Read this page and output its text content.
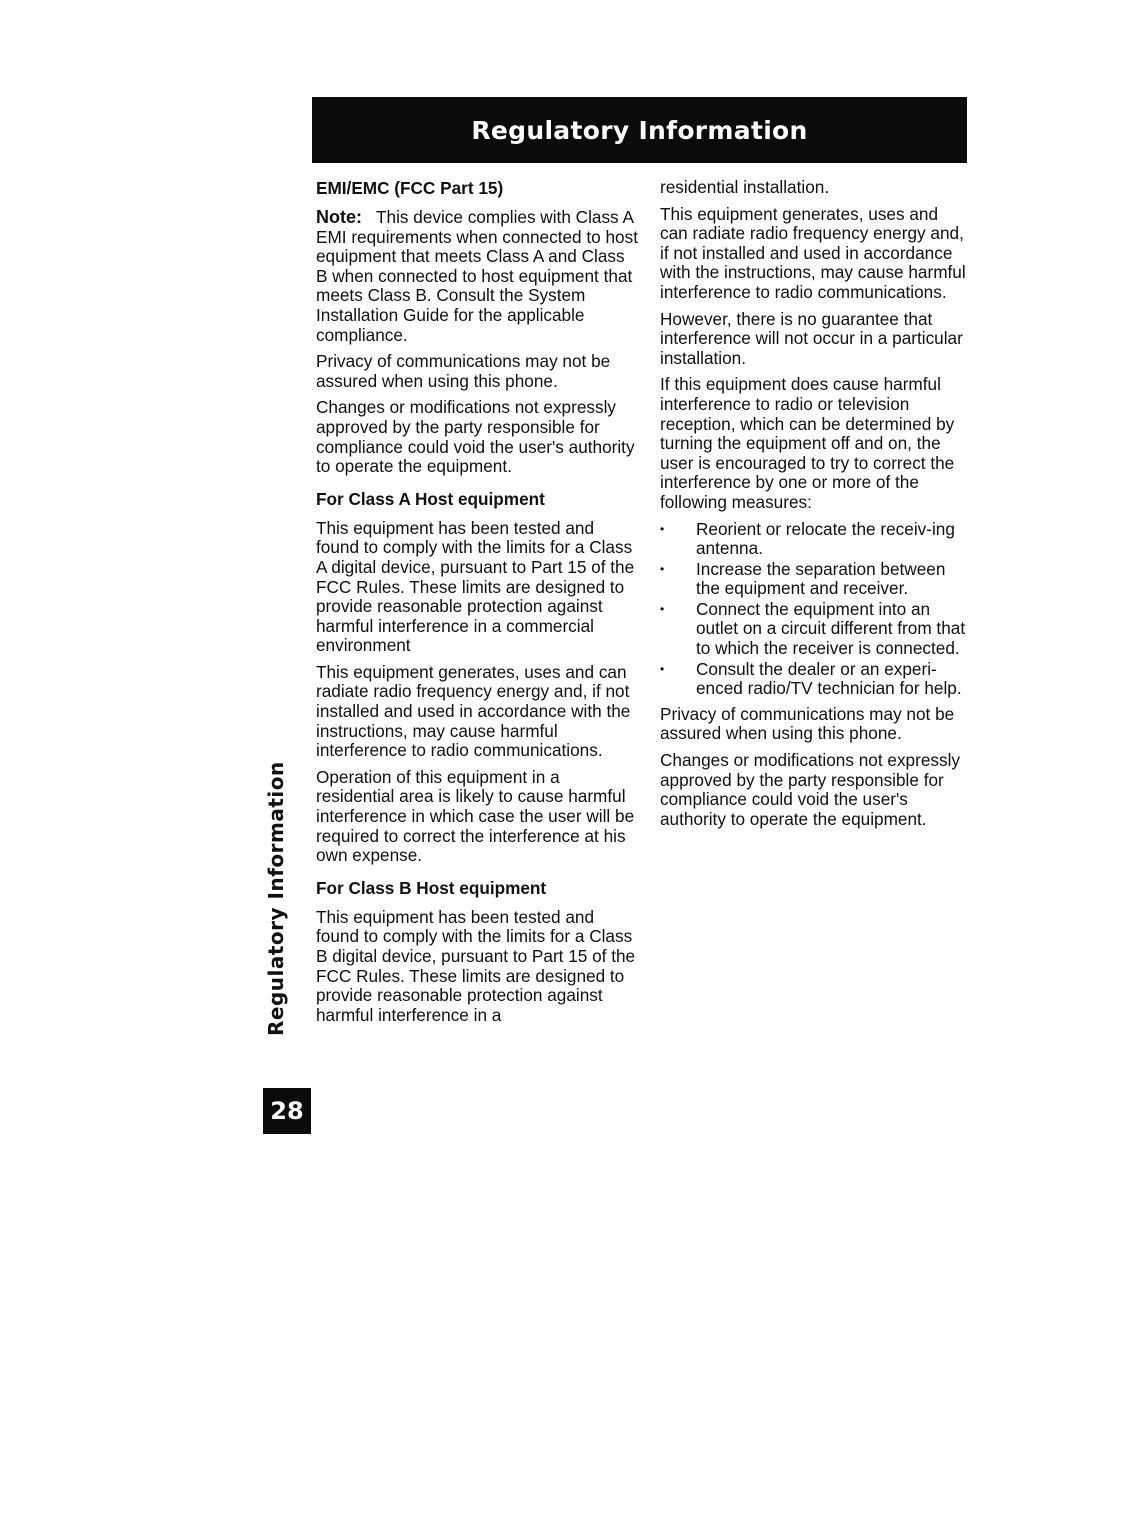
Regulatory Information
EMI/EMC (FCC Part 15)

Note: This device complies with Class A EMI requirements when connected to host equipment that meets Class A and Class B when connected to host equipment that meets Class B. Consult the System Installation Guide for the applicable compliance.

Privacy of communications may not be assured when using this phone.

Changes or modifications not expressly approved by the party responsible for compliance could void the user's authority to operate the equipment.

For Class A Host equipment

This equipment has been tested and found to comply with the limits for a Class A digital device, pursuant to Part 15 of the FCC Rules. These limits are designed to provide reasonable protection against harmful interference in a commercial environment

This equipment generates, uses and can radiate radio frequency energy and, if not installed and used in accordance with the instructions, may cause harmful interference to radio communications.

Operation of this equipment in a residential area is likely to cause harmful interference in which case the user will be required to correct the interference at his own expense.

For Class B Host equipment

This equipment has been tested and found to comply with the limits for a Class B digital device, pursuant to Part 15 of the FCC Rules. These limits are designed to provide reasonable protection against harmful interference in a

residential installation.

This equipment generates, uses and can radiate radio frequency energy and, if not installed and used in accordance with the instructions, may cause harmful interference to radio communications.

However, there is no guarantee that interference will not occur in a particular installation.

If this equipment does cause harmful interference to radio or television reception, which can be determined by turning the equipment off and on, the user is encouraged to try to correct the interference by one or more of the following measures:

• Reorient or relocate the receiv-ing antenna.
• Increase the separation between the equipment and receiver.
• Connect the equipment into an outlet on a circuit different from that to which the receiver is connected.
• Consult the dealer or an experi-enced radio/TV technician for help.

Privacy of communications may not be assured when using this phone.

Changes or modifications not expressly approved by the party responsible for compliance could void the user's authority to operate the equipment.

Regulatory Information
28
